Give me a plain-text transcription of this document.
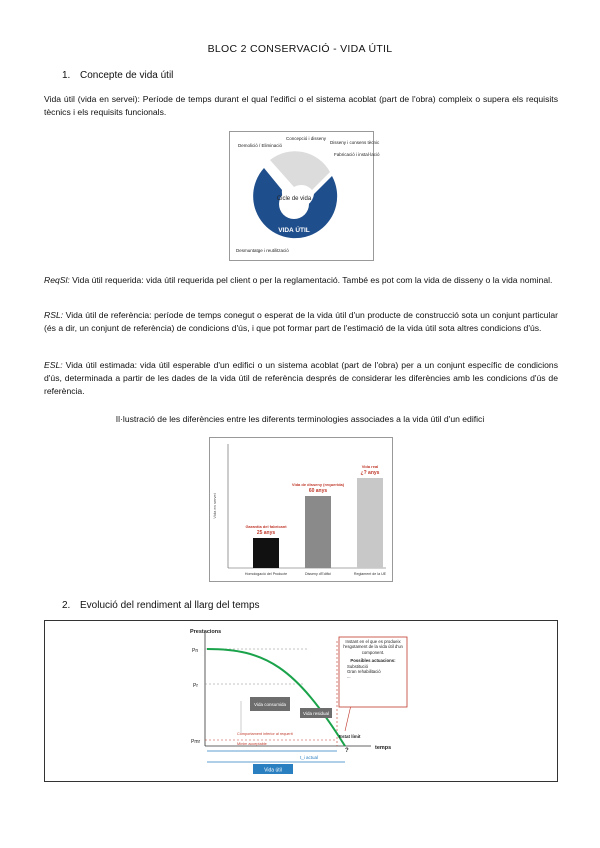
BLOC 2 CONSERVACIÓ - VIDA ÚTIL
1. Concepte de vida útil
Vida útil (vida en servei): Període de temps durant el qual l'edifici o el sistema acoblat (part de l'obra) compleix o supera els requisits tècnics i els requisits funcionals.
Cicle de vida
VIDA ÚTIL
Demolició / Eliminació
Concepció i disseny
Disseny i consens tècnic
Fabricació i instal·lació
Desmuntatge i reutilització
ReqSl: Vida útil requerida: vida útil requerida pel client o per la reglamentació. També es pot com la vida de disseny o la vida nominal.
RSL: Vida útil de referència: període de temps conegut o esperat de la vida útil d'un producte de construcció sota un conjunt particular (és a dir, un conjunt de referència) de condicions d'ús, i que pot formar part de l'estimació de la vida útil sota altres condicions d'ús.
ESL: Vida útil estimada: vida útil esperable d'un edifici o un sistema acoblat (part de l'obra) per a un conjunt específic de condicions d'ús, determinada a partir de les dades de la vida útil de referència després de considerar les diferències amb les condicions d'ús de referència.
Il·lustració de les diferències entre les diferents terminologies associades a la vida útil d'un edifici
Vida en servei
Homologació del Producte
Garantia del fabricant
25 anys
Disseny d'Edifici
Vida de disseny (requerida)
60 anys
Reglament de la UE
Vida real
¿? anys
2. Evolució del rendiment al llarg del temps
Prestacions
temps
Pn
Pr
Pmr
Vida consumida
Vida residual
Comportament inferior al requerit
Mínim acceptable
Estat límit
t_i actual
?
Vida útil
Instant en el que es produeix l'esgotament de la vida útil d'un component.
Possibles actuacions:
Substitució
Gran rehabilitació
...
